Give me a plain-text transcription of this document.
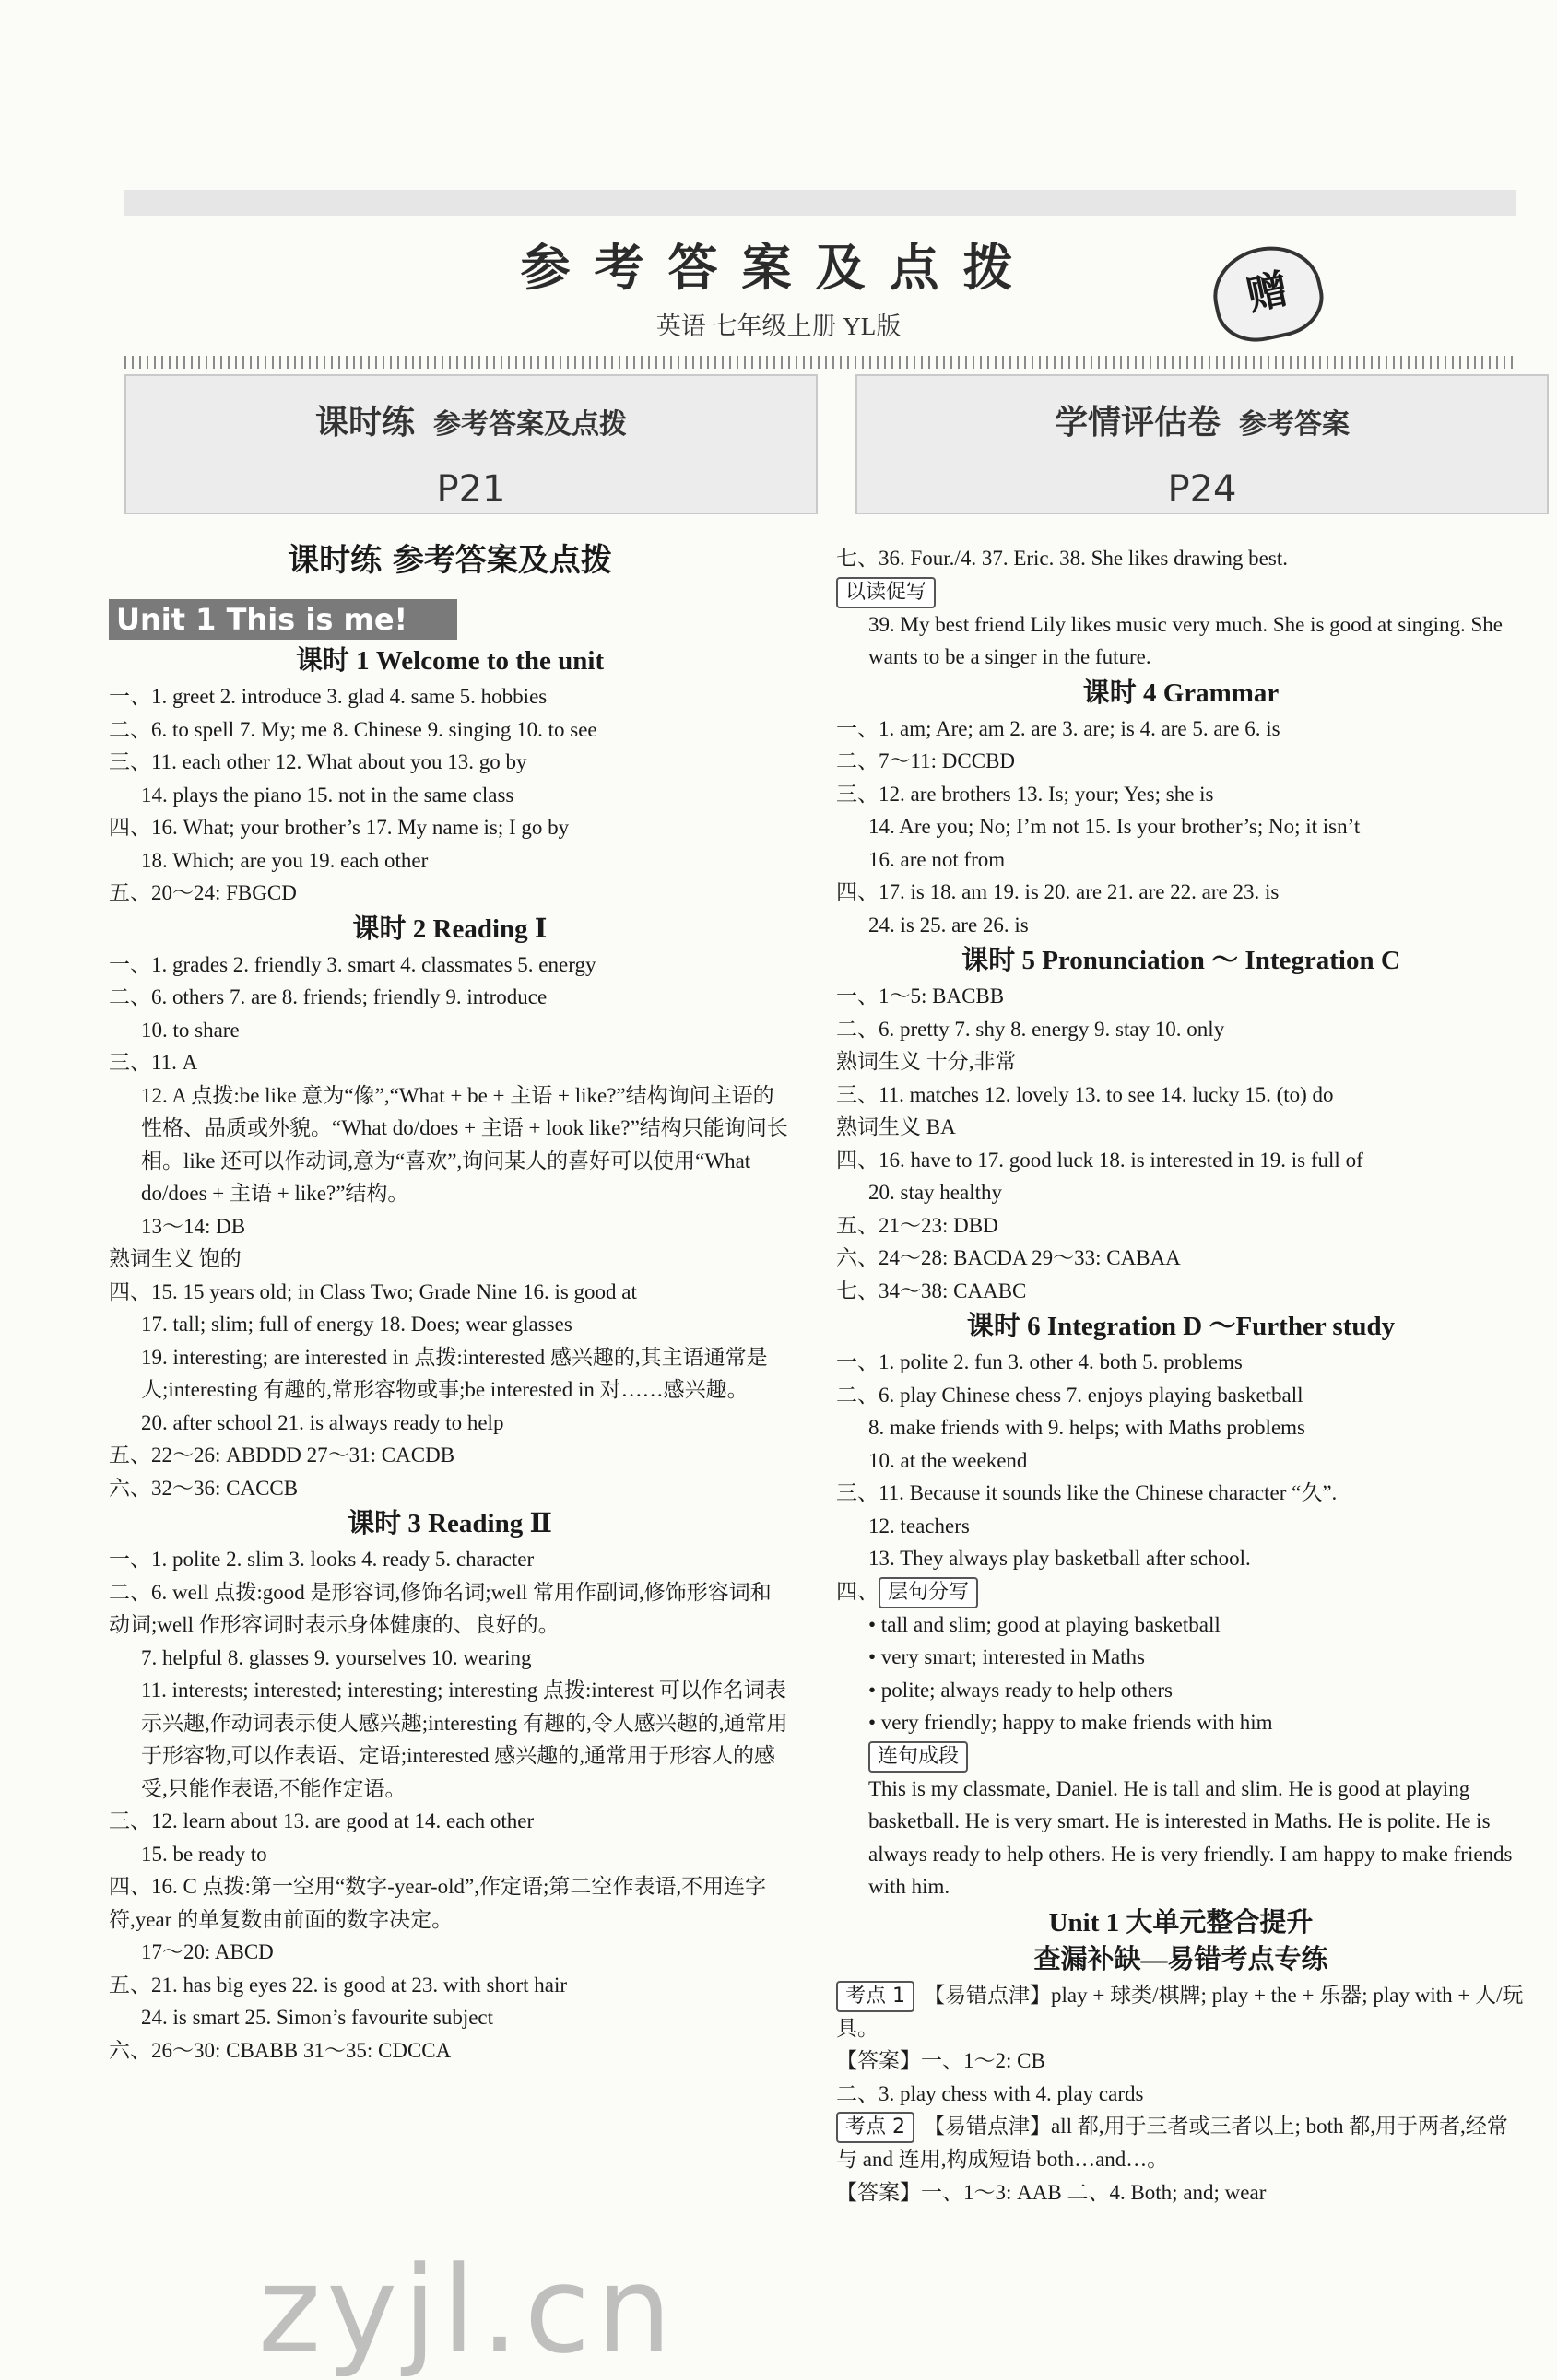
参考答案及点拨
英语 七年级上册 YL版
赠
课时练 参考答案及点拨
P21
学情评估卷 参考答案
P24
课时练 参考答案及点拨
Unit 1 This is me!
课时 1 Welcome to the unit
一、1. greet 2. introduce 3. glad 4. same 5. hobbies
二、6. to spell 7. My; me 8. Chinese 9. singing 10. to see
三、11. each other 12. What about you 13. go by
14. plays the piano 15. not in the same class
四、16. What; your brother’s 17. My name is; I go by
18. Which; are you 19. each other
五、20～24: FBGCD
课时 2 Reading Ⅰ
一、1. grades 2. friendly 3. smart 4. classmates 5. energy
二、6. others 7. are 8. friends; friendly 9. introduce
10. to share
三、11. A
12. A 点拨:be like 意为“像”,“What + be + 主语 + like?”结构询问主语的性格、品质或外貌。“What do/does + 主语 + look like?”结构只能询问长相。like 还可以作动词,意为“喜欢”,询问某人的喜好可以使用“What do/does + 主语 + like?”结构。
13～14: DB
熟词生义 饱的
四、15. 15 years old; in Class Two; Grade Nine 16. is good at
17. tall; slim; full of energy 18. Does; wear glasses
19. interesting; are interested in 点拨:interested 感兴趣的,其主语通常是人;interesting 有趣的,常形容物或事;be interested in 对……感兴趣。
20. after school 21. is always ready to help
五、22～26: ABDDD 27～31: CACDB
六、32～36: CACCB
课时 3 Reading Ⅱ
一、1. polite 2. slim 3. looks 4. ready 5. character
二、6. well 点拨:good 是形容词,修饰名词;well 常用作副词,修饰形容词和动词;well 作形容词时表示身体健康的、良好的。
7. helpful 8. glasses 9. yourselves 10. wearing
11. interests; interested; interesting; interesting 点拨:interest 可以作名词表示兴趣,作动词表示使人感兴趣;interesting 有趣的,令人感兴趣的,通常用于形容物,可以作表语、定语;interested 感兴趣的,通常用于形容人的感受,只能作表语,不能作定语。
三、12. learn about 13. are good at 14. each other
15. be ready to
四、16. C 点拨:第一空用“数字-year-old”,作定语;第二空作表语,不用连字符,year 的单复数由前面的数字决定。
17～20: ABCD
五、21. has big eyes 22. is good at 23. with short hair
24. is smart 25. Simon’s favourite subject
六、26～30: CBABB 31～35: CDCCA
七、36. Four./4. 37. Eric. 38. She likes drawing best.
以读促写
39. My best friend Lily likes music very much. She is good at singing. She wants to be a singer in the future.
课时 4 Grammar
一、1. am; Are; am 2. are 3. are; is 4. are 5. are 6. is
二、7～11: DCCBD
三、12. are brothers 13. Is; your; Yes; she is
14. Are you; No; I’m not 15. Is your brother’s; No; it isn’t
16. are not from
四、17. is 18. am 19. is 20. are 21. are 22. are 23. is
24. is 25. are 26. is
课时 5 Pronunciation ～ Integration C
一、1～5: BACBB
二、6. pretty 7. shy 8. energy 9. stay 10. only
熟词生义 十分,非常
三、11. matches 12. lovely 13. to see 14. lucky 15. (to) do
熟词生义 BA
四、16. have to 17. good luck 18. is interested in 19. is full of
20. stay healthy
五、21～23: DBD
六、24～28: BACDA 29～33: CABAA
七、34～38: CAABC
课时 6 Integration D ～Further study
一、1. polite 2. fun 3. other 4. both 5. problems
二、6. play Chinese chess 7. enjoys playing basketball
8. make friends with 9. helps; with Maths problems
10. at the weekend
三、11. Because it sounds like the Chinese character “久”.
12. teachers
13. They always play basketball after school.
四、 层句分写
• tall and slim; good at playing basketball
• very smart; interested in Maths
• polite; always ready to help others
• very friendly; happy to make friends with him
连句成段
This is my classmate, Daniel. He is tall and slim. He is good at playing basketball. He is very smart. He is interested in Maths. He is polite. He is always ready to help others. He is very friendly. I am happy to make friends with him.
Unit 1 大单元整合提升
查漏补缺—易错考点专练
考点 1 【易错点津】play + 球类/棋牌; play + the + 乐器; play with + 人/玩具。
【答案】一、1～2: CB
二、3. play chess with 4. play cards
考点 2 【易错点津】all 都,用于三者或三者以上; both 都,用于两者,经常与 and 连用,构成短语 both…and…。
【答案】一、1～3: AAB 二、4. Both; and; wear
zyjl.cn
